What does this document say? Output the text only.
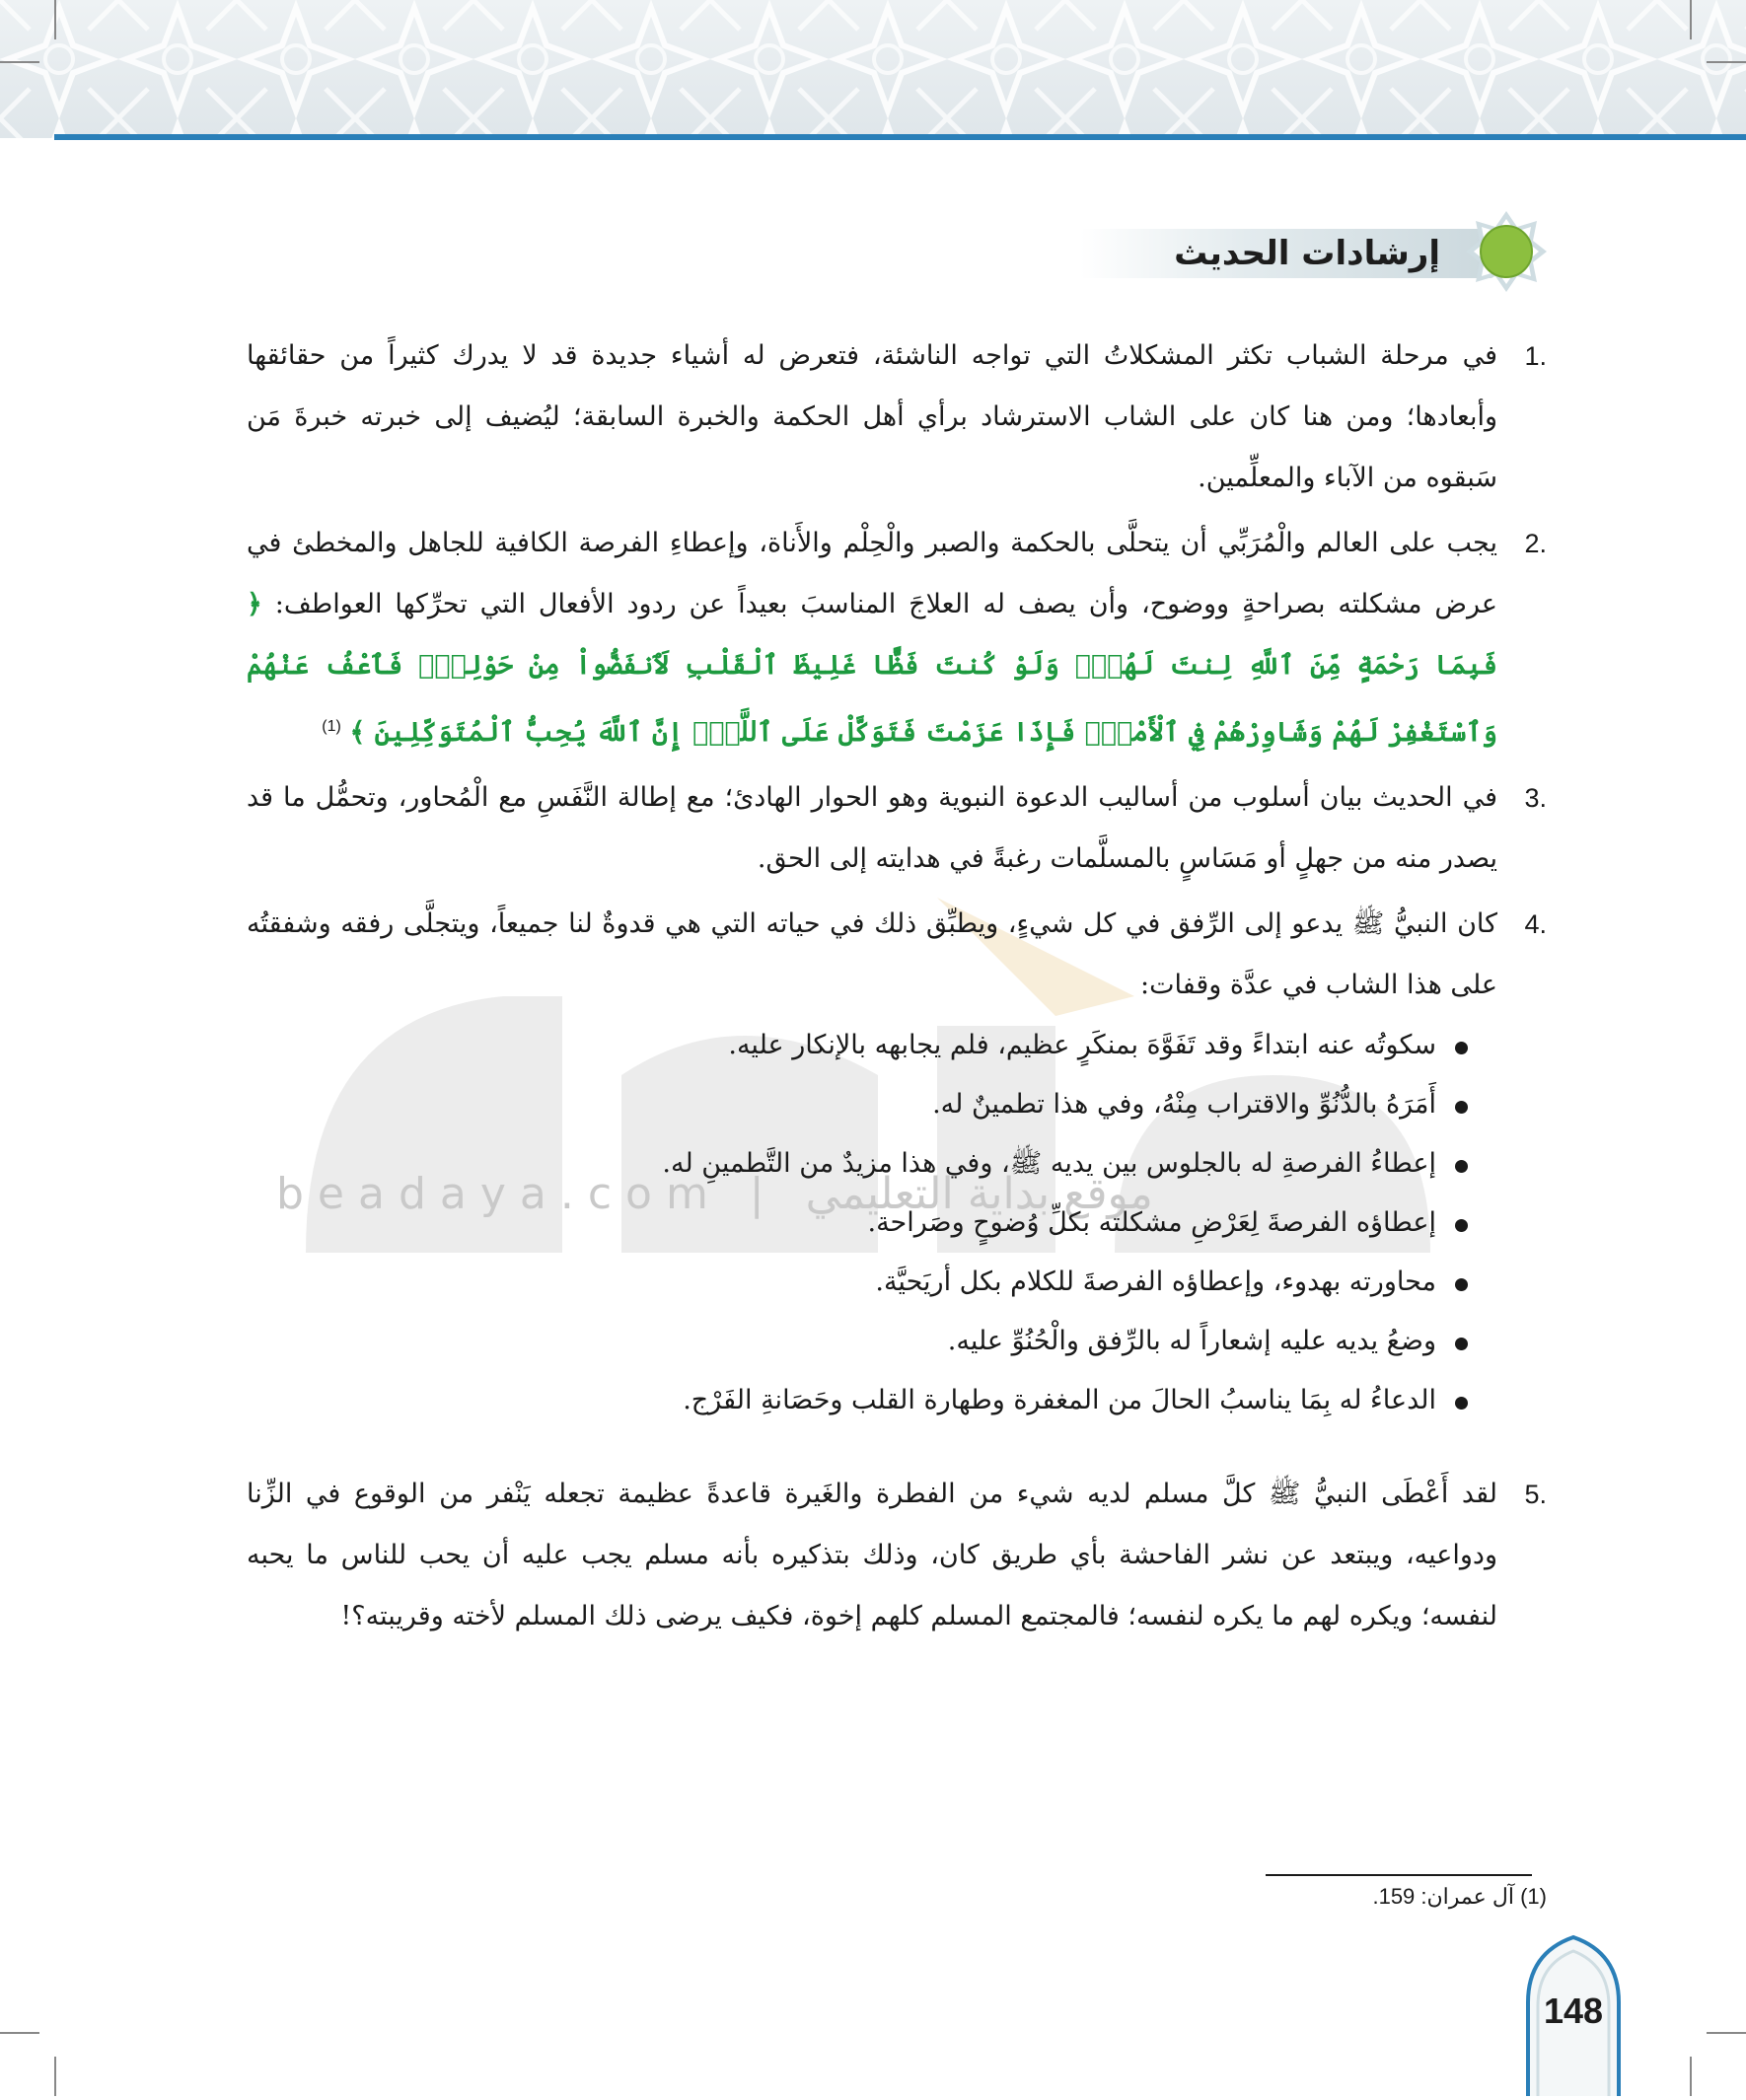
beadaya.com | موقع بداية التعليمي
إرشادات الحديث
1.
في مرحلة الشباب تكثر المشكلاتُ التي تواجه الناشئة، فتعرض له أشياء جديدة قد لا يدرك كثيراً من حقائقها وأبعادها؛ ومن هنا كان على الشاب الاسترشاد برأي أهل الحكمة والخبرة السابقة؛ ليُضيف إلى خبرته خبرةَ مَن سَبقوه من الآباء والمعلِّمين.
2.
يجب على العالم والْمُرَبِّي أن يتحلَّى بالحكمة والصبر والْحِلْم والأَناة، وإعطاءِ الفرصة الكافية للجاهل والمخطئ في عرض مشكلته بصراحةٍ ووضوح، وأن يصف له العلاجَ المناسبَ بعيداً عن ردود الأفعال التي تحرِّكها العواطف: ﴿ فَبِمَا رَحْمَةٍ مِّنَ ٱللَّهِ لِنتَ لَهُمْۖ وَلَوْ كُنتَ فَظًّا غَلِيظَ ٱلْقَلْبِ لَٱنفَضُّواْ مِنْ حَوْلِكَۖ فَٱعْفُ عَنْهُمْ وَٱسْتَغْفِرْ لَهُمْ وَشَاوِرْهُمْ فِي ٱلْأَمْرِۖ فَإِذَا عَزَمْتَ فَتَوَكَّلْ عَلَى ٱللَّهِۚ إِنَّ ٱللَّهَ يُحِبُّ ٱلْمُتَوَكِّلِينَ ﴾ $^{(1)}$
3.
في الحديث بيان أسلوب من أساليب الدعوة النبوية وهو الحوار الهادئ؛ مع إطالة النَّفَسِ مع الْمُحاور، وتحمُّل ما قد يصدر منه من جهلٍ أو مَسَاسٍ بالمسلَّمات رغبةً في هدايته إلى الحق.
4.
كان النبيُّ ﷺ يدعو إلى الرِّفق في كل شيءٍ، ويطبِّق ذلك في حياته التي هي قدوةٌ لنا جميعاً، ويتجلَّى رفقه وشفقتُه على هذا الشاب في عدَّة وقفات:
سكوتُه عنه ابتداءً وقد تَفَوَّهَ بمنكَرٍ عظيم، فلم يجابهه بالإنكار عليه.
أَمَرَهُ بالدُّنُوِّ والاقتراب مِنْهُ، وفي هذا تطمينٌ له.
إعطاءُ الفرصةِ له بالجلوس بين يديه ﷺ، وفي هذا مزيدٌ من التَّطمينِ له.
إعطاؤه الفرصةَ لِعَرْضِ مشكلته بكلِّ وُضوحٍ وصَراحة.
محاورته بهدوء، وإعطاؤه الفرصةَ للكلام بكل أريَحيَّة.
وضعُ يديه عليه إشعاراً له بالرِّفق والْحُنُوِّ عليه.
الدعاءُ له بِمَا يناسبُ الحالَ من المغفرة وطهارة القلب وحَصَانةِ الفَرْج.
5.
لقد أَعْطَى النبيُّ ﷺ كلَّ مسلم لديه شيء من الفطرة والغَيرة قاعدةً عظيمة تجعله يَنْفر من الوقوع في الزِّنا ودواعيه، ويبتعد عن نشر الفاحشة بأي طريق كان، وذلك بتذكيره بأنه مسلم يجب عليه أن يحب للناس ما يحبه لنفسه؛ ويكره لهم ما يكره لنفسه؛ فالمجتمع المسلم كلهم إخوة، فكيف يرضى ذلك المسلم لأخته وقريبته؟!
(1) آل عمران: 159.
148
